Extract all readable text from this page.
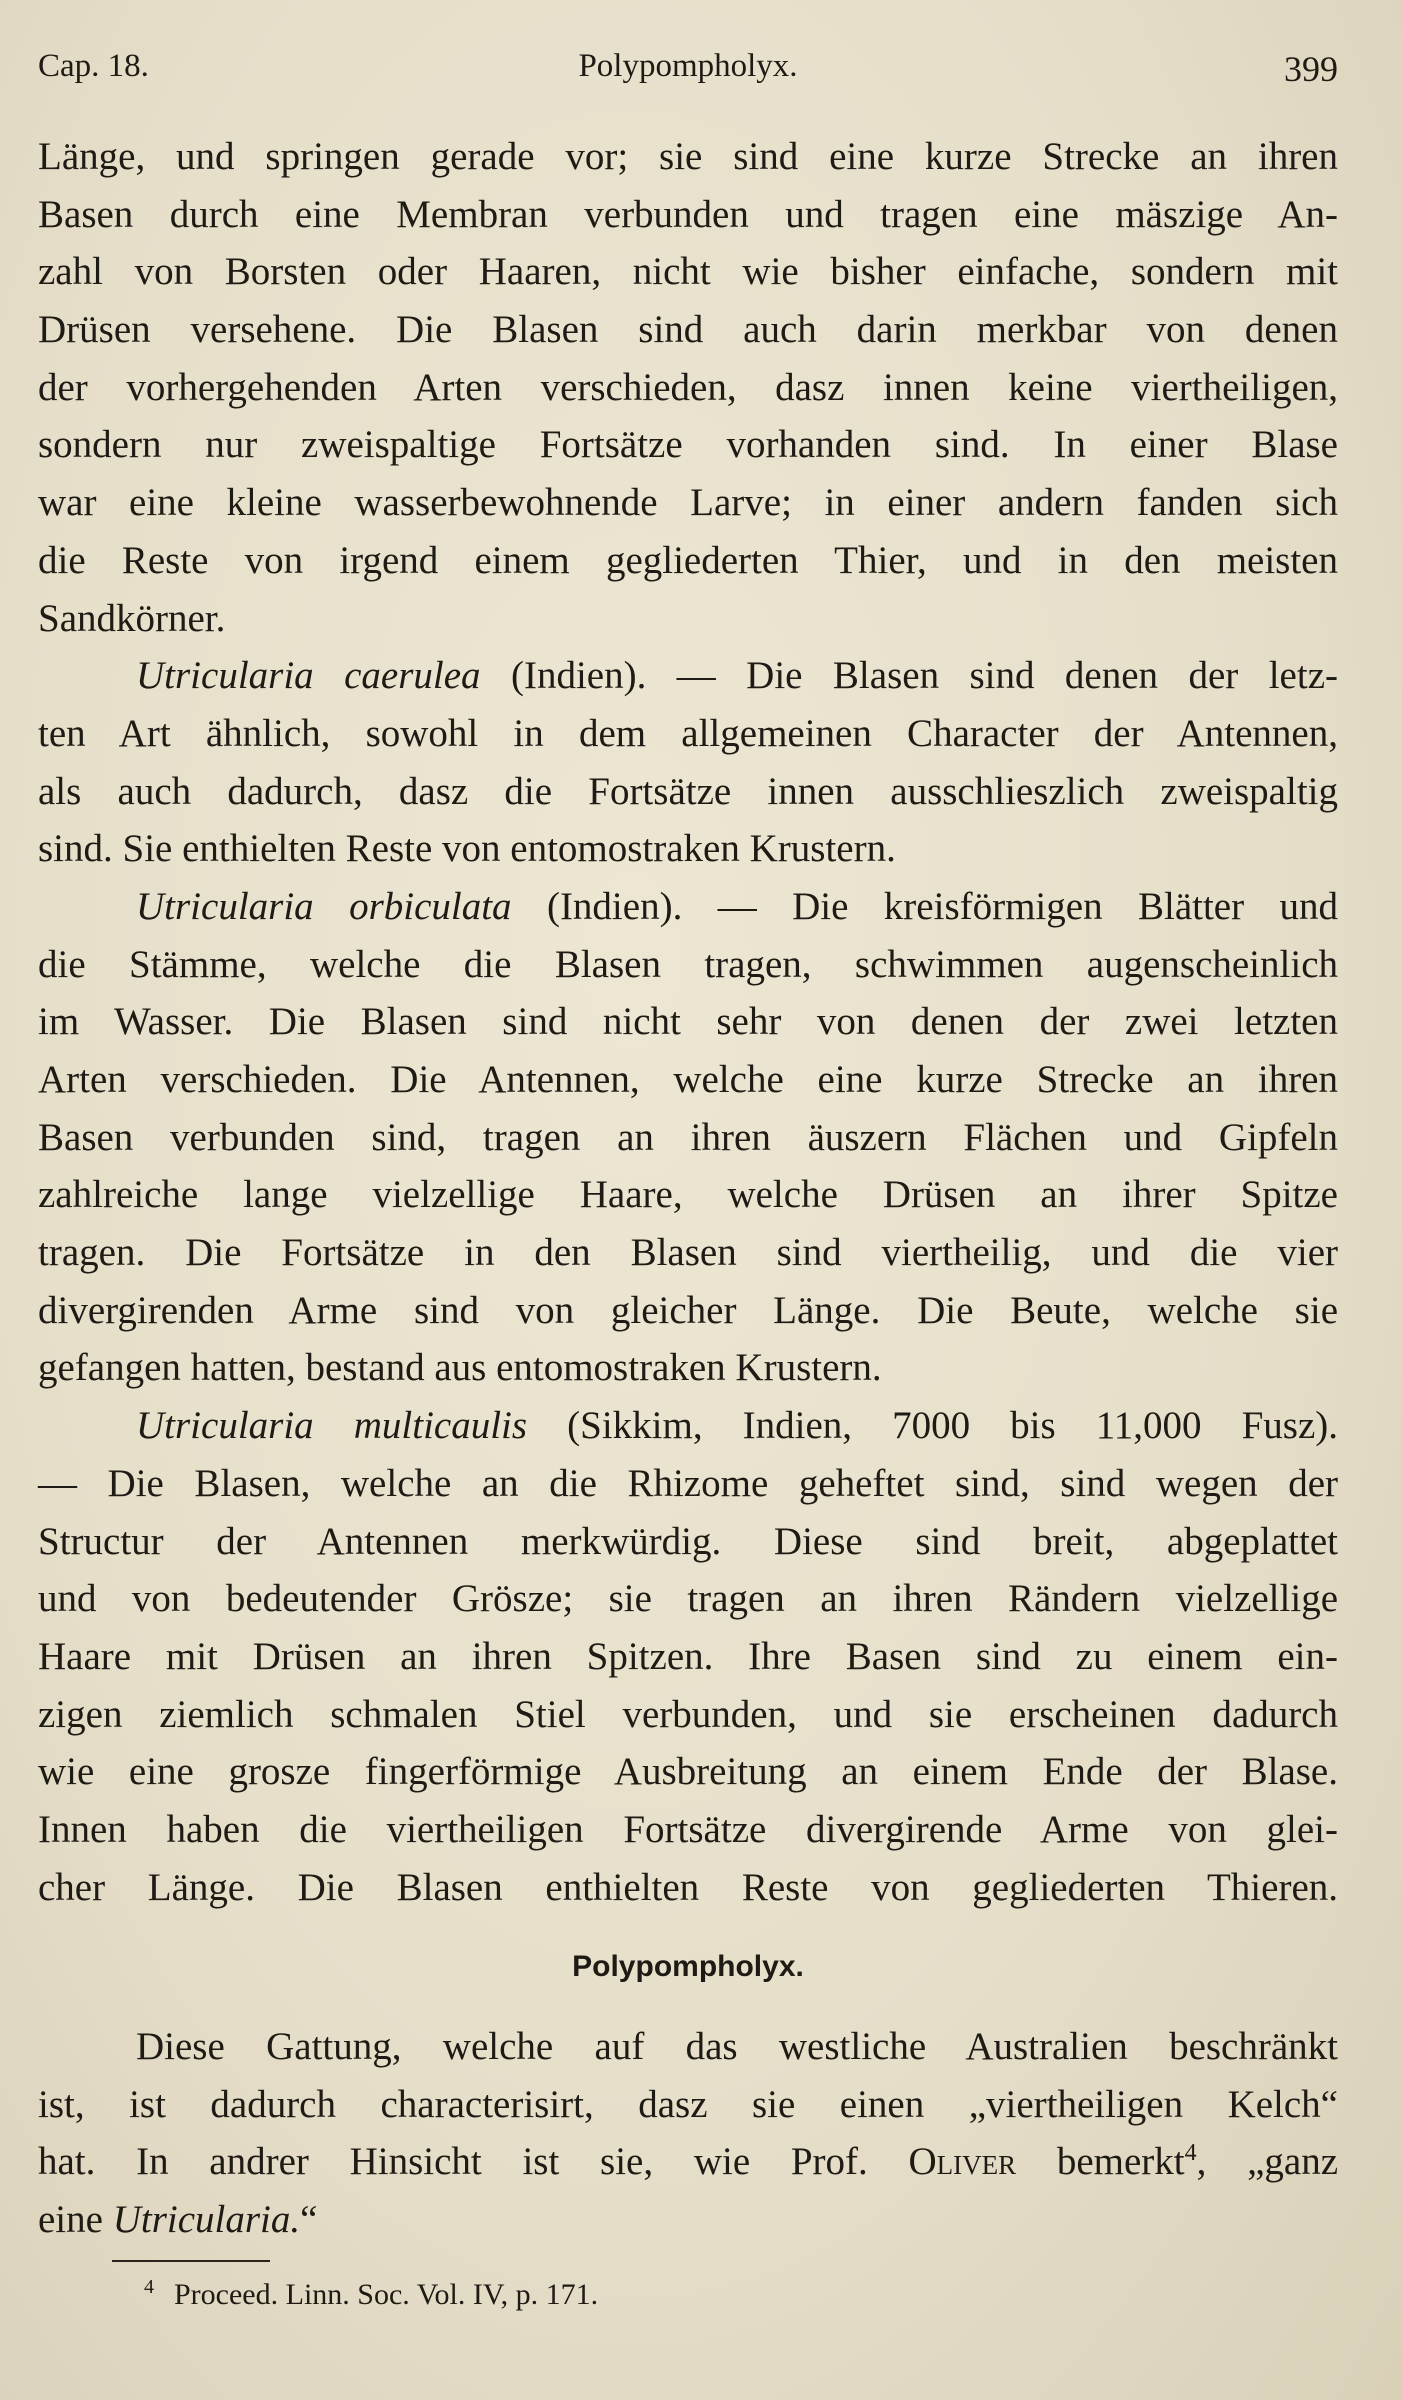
Cap. 18.	Polypompholyx.	399
Länge, und springen gerade vor; sie sind eine kurze Strecke an ihren
Basen durch eine Membran verbunden und tragen eine mäszige An-
zahl von Borsten oder Haaren, nicht wie bisher einfache, sondern mit
Drüsen versehene. Die Blasen sind auch darin merkbar von denen
der vorhergehenden Arten verschieden, dasz innen keine viertheiligen,
sondern nur zweispaltige Fortsätze vorhanden sind. In einer Blase
war eine kleine wasserbewohnende Larve; in einer andern fanden sich
die Reste von irgend einem gegliederten Thier, und in den meisten
Sandkörner.
Utricularia caerulea (Indien). — Die Blasen sind denen der letz-
ten Art ähnlich, sowohl in dem allgemeinen Character der Antennen,
als auch dadurch, dasz die Fortsätze innen ausschlieszlich zweispaltig
sind. Sie enthielten Reste von entomostraken Krustern.
Utricularia orbiculata (Indien). — Die kreisförmigen Blätter und
die Stämme, welche die Blasen tragen, schwimmen augenscheinlich
im Wasser. Die Blasen sind nicht sehr von denen der zwei letzten
Arten verschieden. Die Antennen, welche eine kurze Strecke an ihren
Basen verbunden sind, tragen an ihren äuszern Flächen und Gipfeln
zahlreiche lange vielzellige Haare, welche Drüsen an ihrer Spitze
tragen. Die Fortsätze in den Blasen sind viertheilig, und die vier
divergirenden Arme sind von gleicher Länge. Die Beute, welche sie
gefangen hatten, bestand aus entomostraken Krustern.
Utricularia multicaulis (Sikkim, Indien, 7000 bis 11,000 Fusz).
— Die Blasen, welche an die Rhizome geheftet sind, sind wegen der
Structur der Antennen merkwürdig. Diese sind breit, abgeplattet
und von bedeutender Grösze; sie tragen an ihren Rändern vielzellige
Haare mit Drüsen an ihren Spitzen. Ihre Basen sind zu einem ein-
zigen ziemlich schmalen Stiel verbunden, und sie erscheinen dadurch
wie eine grosze fingerförmige Ausbreitung an einem Ende der Blase.
Innen haben die viertheiligen Fortsätze divergirende Arme von glei-
cher Länge. Die Blasen enthielten Reste von gegliederten Thieren.
Polypompholyx.
Diese Gattung, welche auf das westliche Australien beschränkt
ist, ist dadurch characterisirt, dasz sie einen „viertheiligen Kelch“
hat. In andrer Hinsicht ist sie, wie Prof. Oliver bemerkt$^4$, „ganz
eine Utricularia.“
$^4$ Proceed. Linn. Soc. Vol. IV, p. 171.
